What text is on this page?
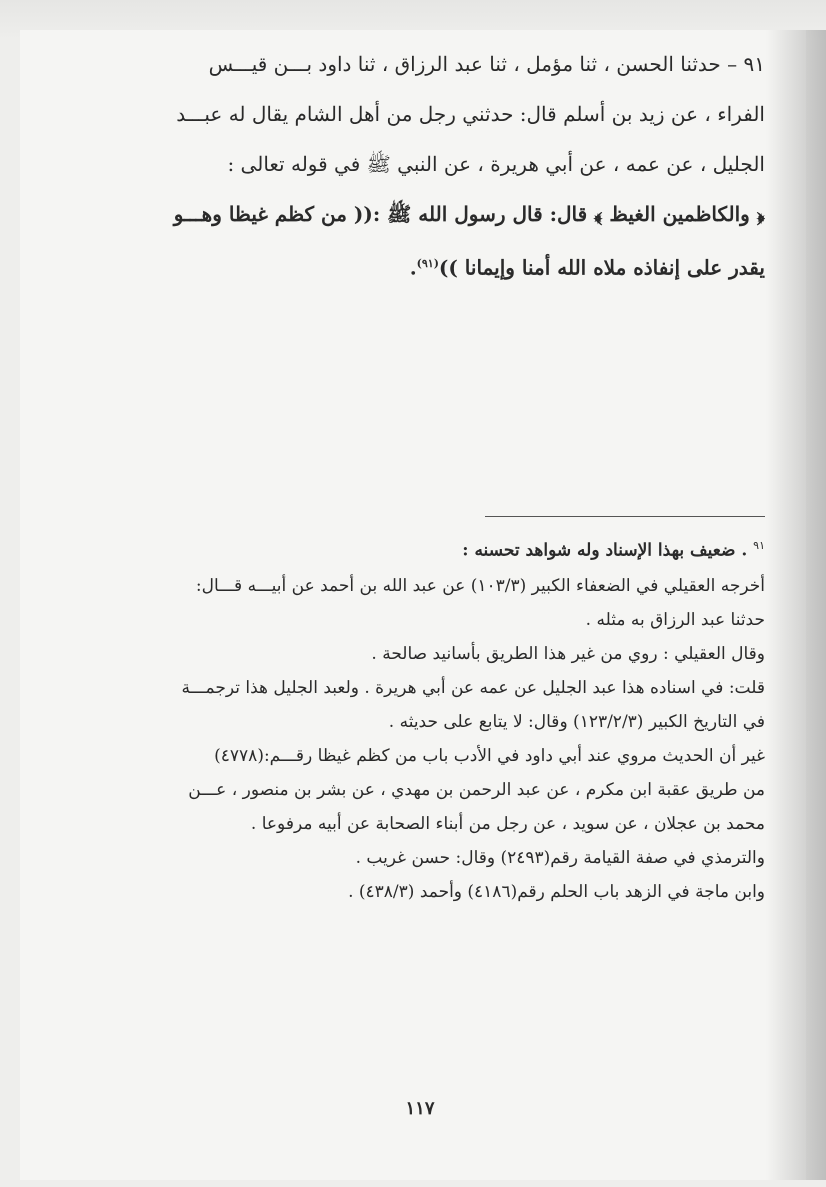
٩١ – حدثنا الحسن ، ثنا مؤمل ، ثنا عبد الرزاق ، ثنا داود بـــن قيـــس
الفراء ، عن زيد بن أسلم قال: حدثني رجل من أهل الشام يقال له عبـــد
الجليل ، عن عمه ، عن أبي هريرة ، عن النبي ﷺ في قوله تعالى :
﴿ والكاظمين الغيظ ﴾ قال: قال رسول الله ﷺ :(( من كظم غيظا وهـــو
يقدر على إنفاذه ملاه الله أمنا وإيمانا ))$^{(٩١)}$.
$^{٩١}$ . ضعيف بهذا الإسناد وله شواهد تحسنه :
أخرجه العقيلي في الضعفاء الكبير (١٠٣/٣) عن عبد الله بن أحمد عن أبيـــه قـــال:
حدثنا عبد الرزاق به مثله .
وقال العقيلي : روي من غير هذا الطريق بأسانيد صالحة .
قلت: في اسناده هذا عبد الجليل عن عمه عن أبي هريرة . ولعبد الجليل هذا ترجمـــة
في التاريخ الكبير (١٢٣/٢/٣) وقال: لا يتابع على حديثه .
غير أن الحديث مروي عند أبي داود في الأدب باب من كظم غيظا رقـــم:(٤٧٧٨)
من طريق عقبة ابن مكرم ، عن عبد الرحمن بن مهدي ، عن بشر بن منصور ، عـــن
محمد بن عجلان ، عن سويد ، عن رجل من أبناء الصحابة عن أبيه مرفوعا .
والترمذي في صفة القيامة رقم(٢٤٩٣) وقال: حسن غريب .
وابن ماجة في الزهد باب الحلم رقم(٤١٨٦) وأحمد (٤٣٨/٣) .
١١٧
